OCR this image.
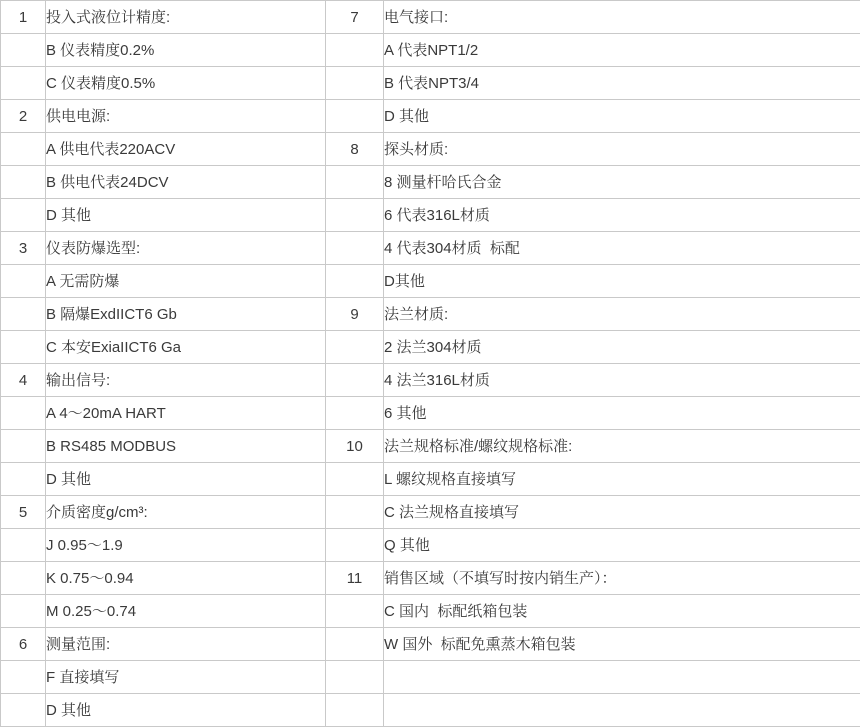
1	投入式液位计精度:	7	电气接口:
	B 仪表精度0.2%		A 代表NPT1/2
	C 仪表精度0.5%		B 代表NPT3/4
2	供电电源:		D 其他
	A 供电代表220ACV	8	探头材质:
	B 供电代表24DCV		8 测量杆哈氏合金
	D 其他		6 代表316L材质
3	仪表防爆选型:		4 代表304材质  标配
	A 无需防爆		D其他
	B 隔爆ExdIICT6 Gb	9	法兰材质:
	C 本安ExiaIICT6 Ga		2 法兰304材质
4	输出信号:		4 法兰316L材质
	A 4～20mA HART		6 其他
	B RS485 MODBUS	10	法兰规格标准/螺纹规格标准:
	D 其他		L 螺纹规格直接填写
5	介质密度g/cm³:		C 法兰规格直接填写
	J 0.95～1.9		Q 其他
	K 0.75～0.94	11	销售区域（不填写时按内销生产）：
	M 0.25～0.74		C 国内  标配纸箱包装
6	测量范围:		W 国外  标配免熏蒸木箱包装
	F 直接填写		
	D 其他		
